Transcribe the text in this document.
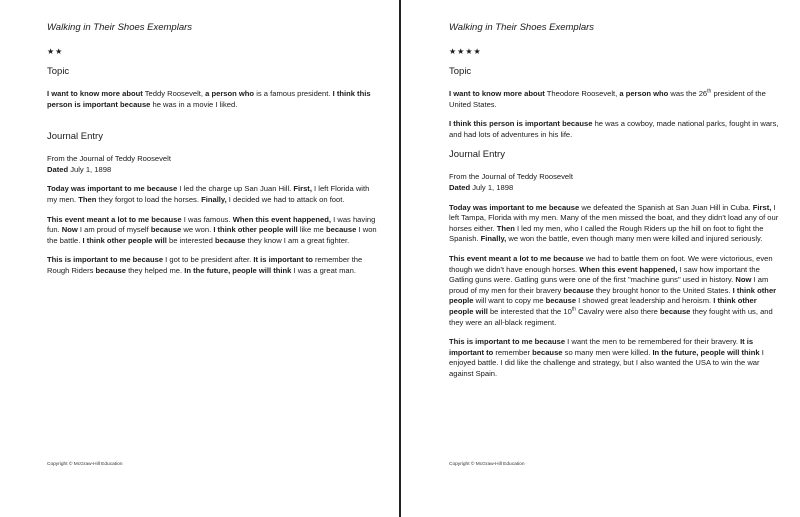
Walking in Their Shoes Exemplars
★★
Topic

I want to know more about Teddy Roosevelt, a person who is a famous president. I think this person is important because he was in a movie I liked.

Journal Entry
From the Journal of Teddy Roosevelt
Dated July 1, 1898

Today was important to me because I led the charge up San Juan Hill. First, I left Florida with my men. Then they forgot to load the horses. Finally, I decided we had to attack on foot.

This event meant a lot to me because I was famous. When this event happened, I was having fun. Now I am proud of myself because we won. I think other people will like me because I won the battle. I think other people will be interested because they know I am a great fighter.

This is important to me because I got to be president after. It is important to remember the Rough Riders because they helped me. In the future, people will think I was a great man.

Copyright © McGraw-Hill Education
Walking in Their Shoes Exemplars
★★★★
Topic

I want to know more about Theodore Roosevelt, a person who was the 26th president of the United States.

I think this person is important because he was a cowboy, made national parks, fought in wars, and had lots of adventures in his life.

Journal Entry
From the Journal of Teddy Roosevelt
Dated July 1, 1898

Today was important to me because we defeated the Spanish at San Juan Hill in Cuba. First, I left Tampa, Florida with my men. Many of the men missed the boat, and they didn't load any of our horses either. Then I led my men, who I called the Rough Riders up the hill on foot to fight the Spanish. Finally, we won the battle, even though many men were killed and injured seriously.

This event meant a lot to me because we had to battle them on foot. We were victorious, even though we didn't have enough horses. When this event happened, I saw how important the Gatling guns were. Gatling guns were one of the first "machine guns" used in history. Now I am proud of my men for their bravery because they brought honor to the United States. I think other people will want to copy me because I showed great leadership and heroism. I think other people will be interested that the 10th Cavalry were also there because they fought with us, and they were an all-black regiment.

This is important to me because I want the men to be remembered for their bravery. It is important to remember because so many men were killed. In the future, people will think I enjoyed battle. I did like the challenge and strategy, but I also wanted the USA to win the war against Spain.

Copyright © McGraw-Hill Education
